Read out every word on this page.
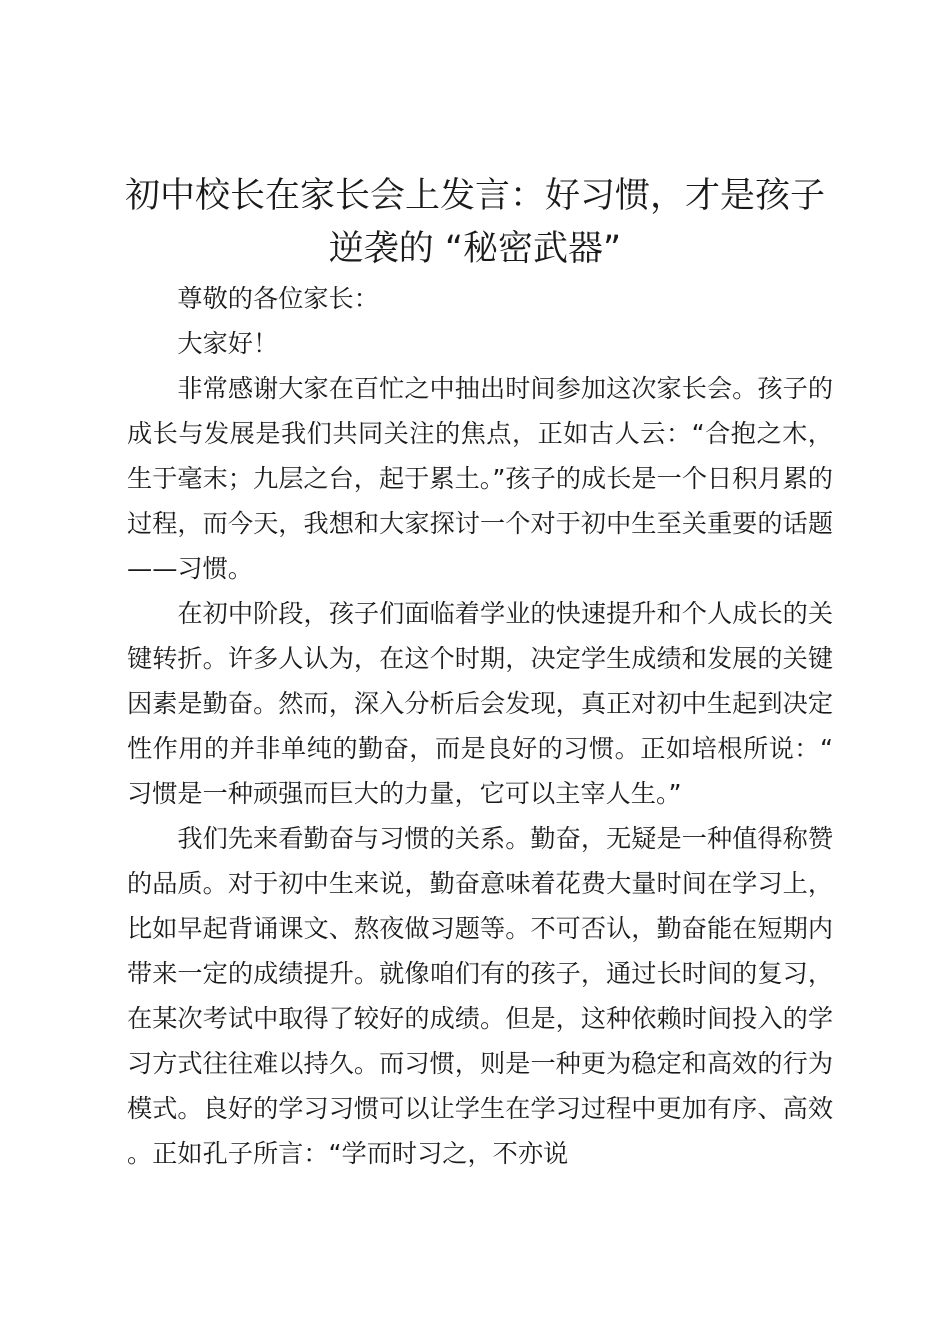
初中校长在家长会上发言：好习惯，才是孩子
逆袭的 “秘密武器”

尊敬的各位家长：

大家好！

非常感谢大家在百忙之中抽出时间参加这次家长会。孩子的成长与发展是我们共同关注的焦点，正如古人云：“合抱之木，生于毫末；九层之台，起于累土。”孩子的成长是一个日积月累的过程，而今天，我想和大家探讨一个对于初中生至关重要的话题——习惯。

在初中阶段，孩子们面临着学业的快速提升和个人成长的关键转折。许多人认为，在这个时期，决定学生成绩和发展的关键因素是勤奋。然而，深入分析后会发现，真正对初中生起到决定性作用的并非单纯的勤奋，而是良好的习惯。正如培根所说：“习惯是一种顽强而巨大的力量，它可以主宰人生。”

我们先来看勤奋与习惯的关系。勤奋，无疑是一种值得称赞的品质。对于初中生来说，勤奋意味着花费大量时间在学习上，比如早起背诵课文、熬夜做习题等。不可否认，勤奋能在短期内带来一定的成绩提升。就像咱们有的孩子，通过长时间的复习，在某次考试中取得了较好的成绩。但是，这种依赖时间投入的学习方式往往难以持久。而习惯，则是一种更为稳定和高效的行为模式。良好的学习习惯可以让学生在学习过程中更加有序、高效。正如孔子所言：“学而时习之，不亦说
